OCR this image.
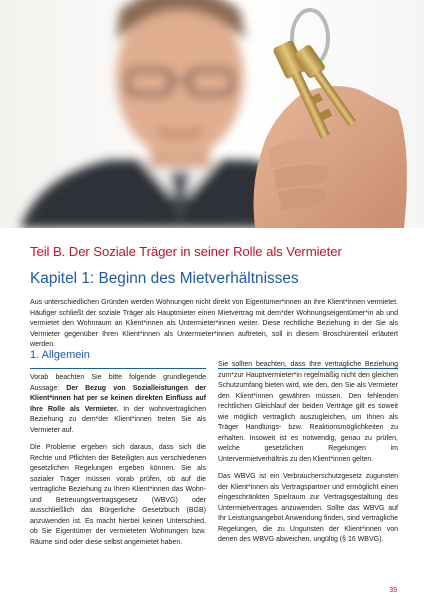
Teil B. Der Soziale Träger in seiner Rolle als Vermieter
Kapitel 1: Beginn des Mietverhältnisses

Aus unterschiedlichen Gründen werden Wohnungen nicht direkt von Eigentümer*innen an ihre Klient*innen vermietet. Häufiger schließt der soziale Träger als Hauptmieter einen Mietvertrag mit dem*der Wohnungseigentümer*in ab und vermietet den Wohnraum an Klient*innen als Untermieter*innen weiter. Diese rechtliche Beziehung in der Sie als Vermieter gegenüber Ihren Klient*innen als Untermieter*innen auftreten, soll in diesem Broschürenteil erläutert werden.

1. Allgemein

Vorab beachten Sie bitte folgende grundlegende Aussage: Der Bezug von Sozialleistungen der Klient*innen hat per se keinen direkten Einfluss auf Ihre Rolle als Vermieter. In der wohnvertraglichen Beziehung zu dem*der Klient*innen treten Sie als Vermieter auf.

Die Probleme ergeben sich daraus, dass sich die Rechte und Pflichten der Beteiligten aus verschiedenen gesetzlichen Regelungen ergeben können. Sie als sozialer Träger müssen vorab prüfen, ob auf die vertragliche Beziehung zu Ihren Klient*innen das Wohn- und Betreuungsvertragsgesetz (WBVG) oder ausschließlich das Bürgerliche Gesetzbuch (BGB) anzuwenden ist. Es macht hierbei keinen Unterschied, ob Sie Eigentümer der vermieteten Wohnungen bzw. Räume sind oder diese selbst angemietet haben.

Sie sollten beachten, dass Ihre vertragliche Beziehung zum*zur Hauptvermieter*in regelmäßig nicht den gleichen Schutzumfang bieten wird, wie den, den Sie als Vermieter den Klient*innen gewähren müssen. Den fehlenden rechtlichen Gleichlauf der beiden Verträge gilt es soweit wie möglich vertraglich auszugleichen, um Ihnen als Träger Handlungs- bzw. Reaktionsmöglichkeiten zu erhalten. Insoweit ist es notwendig, genau zu prüfen, welche gesetzlichen Regelungen im Untervermietverhältnis zu den Klient*innen gelten.

Das WBVG ist ein Verbraucherschutzgesetz zugunsten der Klient*innen als Vertragspartner und ermöglicht einen eingeschränkten Spielraum zur Vertragsgestaltung des Untermietvertrages anzuwenden. Sollte das WBVG auf Ihr Leistungsangebot Anwendung finden, sind vertragliche Regelungen, die zu Ungunsten der Klient*innen von denen des WBVG abweichen, ungültig (§ 16 WBVG).

39
